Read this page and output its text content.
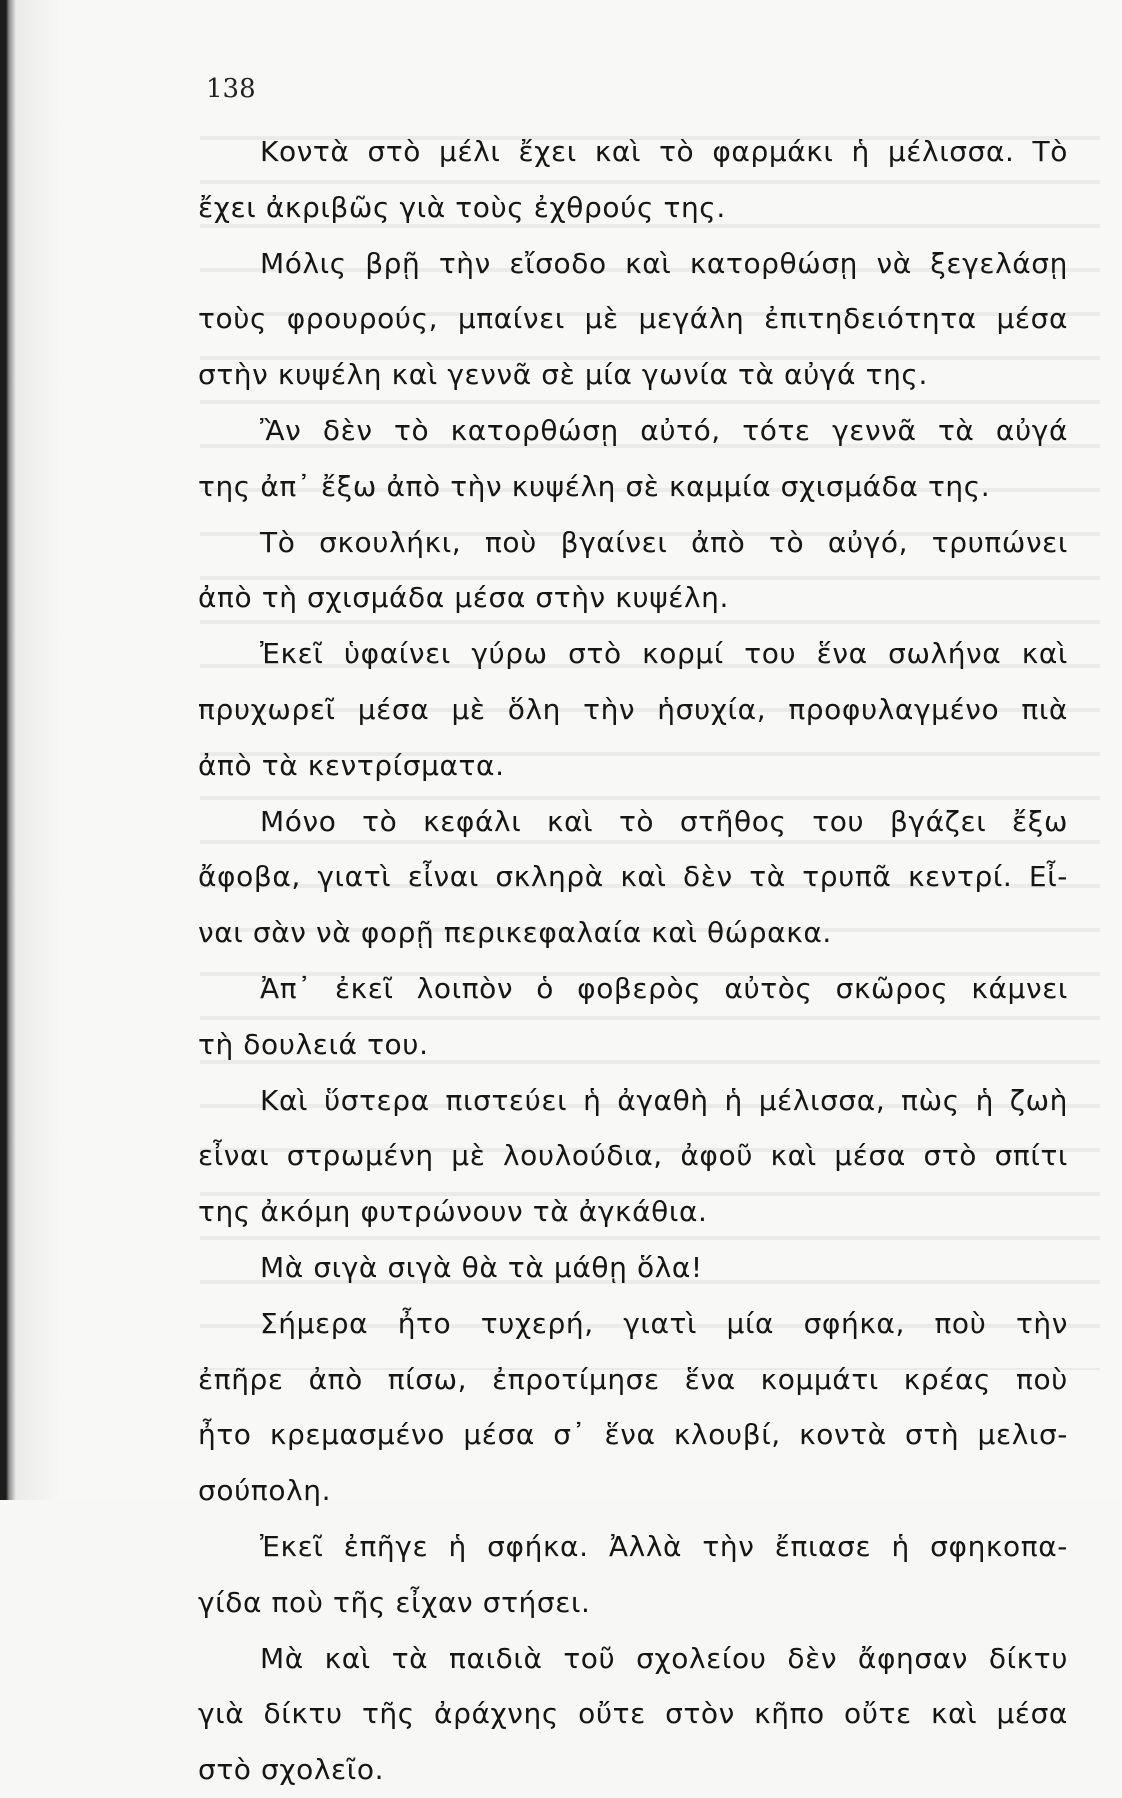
138
Κοντὰ στὸ μέλι ἔχει καὶ τὸ φαρμάκι ἡ μέλισσα. Τὸ
ἔχει ἀκριβῶς γιὰ τοὺς ἐχθρούς της.
Μόλις βρῇ τὴν εἴσοδο καὶ κατορθώσῃ νὰ ξεγελάσῃ
τοὺς φρουρούς, μπαίνει μὲ μεγάλη ἐπιτηδειότητα μέσα
στὴν κυψέλη καὶ γεννᾶ σὲ μία γωνία τὰ αὐγά της.
Ἂν δὲν τὸ κατορθώσῃ αὐτό, τότε γεννᾶ τὰ αὐγά
της ἀπ᾿ ἔξω ἀπὸ τὴν κυψέλη σὲ καμμία σχισμάδα της.
Τὸ σκουλήκι, ποὺ βγαίνει ἀπὸ τὸ αὐγό, τρυπώνει
ἀπὸ τὴ σχισμάδα μέσα στὴν κυψέλη.
Ἐκεῖ ὑφαίνει γύρω στὸ κορμί του ἕνα σωλήνα καὶ
πρυχωρεῖ μέσα μὲ ὅλη τὴν ἡσυχία, προφυλαγμένο πιὰ
ἀπὸ τὰ κεντρίσματα.
Μόνο τὸ κεφάλι καὶ τὸ στῆθος του βγάζει ἔξω
ἄφοβα, γιατὶ εἶναι σκληρὰ καὶ δὲν τὰ τρυπᾶ κεντρί. Εἶ-
ναι σὰν νὰ φορῇ περικεφαλαία καὶ θώρακα.
Ἀπ᾿ ἐκεῖ λοιπὸν ὁ φοβερὸς αὐτὸς σκῶρος κάμνει
τὴ δουλειά του.
Καὶ ὕστερα πιστεύει ἡ ἀγαθὴ ἡ μέλισσα, πὼς ἡ ζωὴ
εἶναι στρωμένη μὲ λουλούδια, ἀφοῦ καὶ μέσα στὸ σπίτι
της ἀκόμη φυτρώνουν τὰ ἀγκάθια.
Μὰ σιγὰ σιγὰ θὰ τὰ μάθῃ ὅλα!
Σήμερα ἦτο τυχερή, γιατὶ μία σφήκα, ποὺ τὴν
ἐπῆρε ἀπὸ πίσω, ἐπροτίμησε ἕνα κομμάτι κρέας ποὺ
ἦτο κρεμασμένο μέσα σ᾿ ἕνα κλουβί, κοντὰ στὴ μελισ-
σούπολη.
Ἐκεῖ ἐπῆγε ἡ σφήκα. Ἀλλὰ τὴν ἔπιασε ἡ σφηκοπα-
γίδα ποὺ τῆς εἶχαν στήσει.
Μὰ καὶ τὰ παιδιὰ τοῦ σχολείου δὲν ἄφησαν δίκτυ
γιὰ δίκτυ τῆς ἀράχνης οὔτε στὸν κῆπο οὔτε καὶ μέσα
στὸ σχολεῖο.
